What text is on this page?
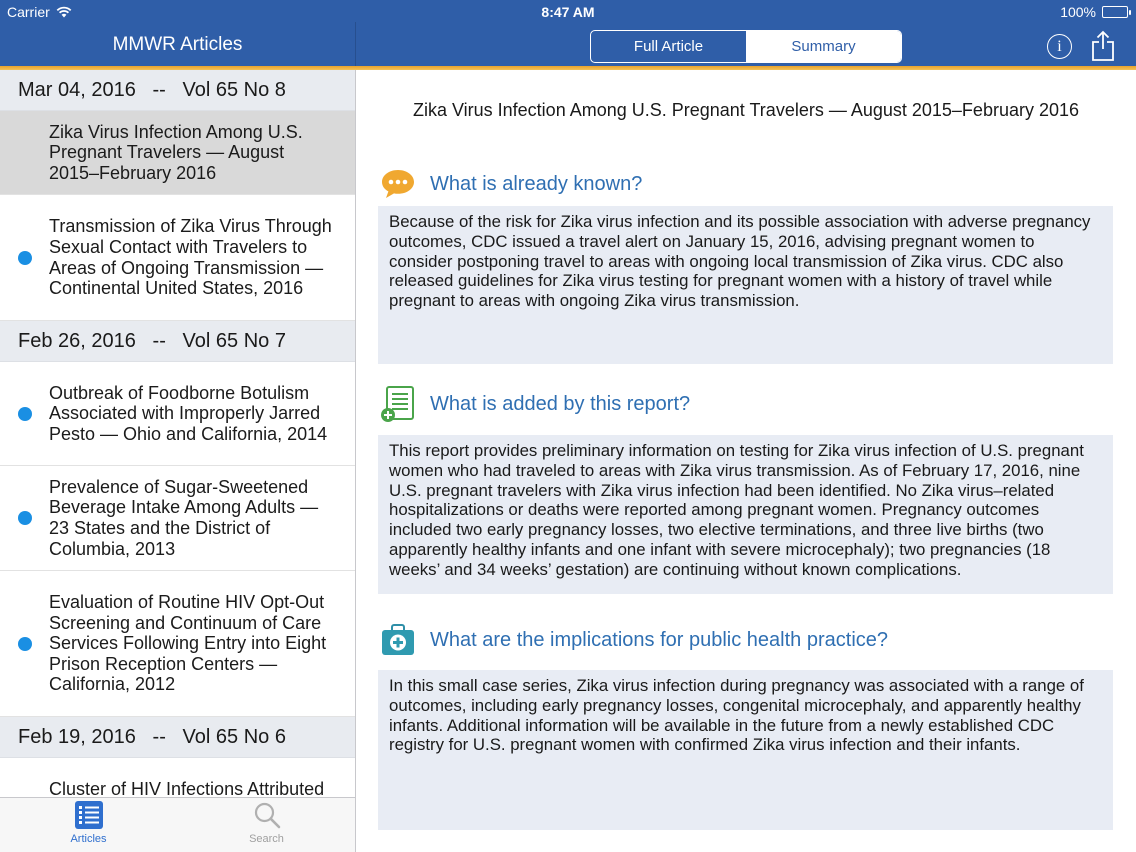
Carrier	8:47 AM	100%
MMWR Articles	Full Article	Summary	i
Mar 04, 2016   --   Vol 65 No 8
Zika Virus Infection Among U.S. Pregnant Travelers — August 2015–February 2016
Transmission of Zika Virus Through Sexual Contact with Travelers to Areas of Ongoing Transmission — Continental United States, 2016
Feb 26, 2016   --   Vol 65 No 7
Outbreak of Foodborne Botulism Associated with Improperly Jarred Pesto — Ohio and California, 2014
Prevalence of Sugar-Sweetened Beverage Intake Among Adults — 23 States and the District of Columbia, 2013
Evaluation of Routine HIV Opt-Out Screening and Continuum of Care Services Following Entry into Eight Prison Reception Centers — California, 2012
Feb 19, 2016   --   Vol 65 No 6
Cluster of HIV Infections Attributed
Articles	Search
Zika Virus Infection Among U.S. Pregnant Travelers — August 2015–February 2016
What is already known?
Because of the risk for Zika virus infection and its possible association with adverse pregnancy outcomes, CDC issued a travel alert on January 15, 2016, advising pregnant women to consider postponing travel to areas with ongoing local transmission of Zika virus. CDC also released guidelines for Zika virus testing for pregnant women with a history of travel while pregnant to areas with ongoing Zika virus transmission.
What is added by this report?
This report provides preliminary information on testing for Zika virus infection of U.S. pregnant women who had traveled to areas with Zika virus transmission. As of February 17, 2016, nine U.S. pregnant travelers with Zika virus infection had been identified. No Zika virus–related hospitalizations or deaths were reported among pregnant women. Pregnancy outcomes included two early pregnancy losses, two elective terminations, and three live births (two apparently healthy infants and one infant with severe microcephaly); two pregnancies (18 weeks’ and 34 weeks’ gestation) are continuing without known complications.
What are the implications for public health practice?
In this small case series, Zika virus infection during pregnancy was associated with a range of outcomes, including early pregnancy losses, congenital microcephaly, and apparently healthy infants. Additional information will be available in the future from a newly established CDC registry for U.S. pregnant women with confirmed Zika virus infection and their infants.
